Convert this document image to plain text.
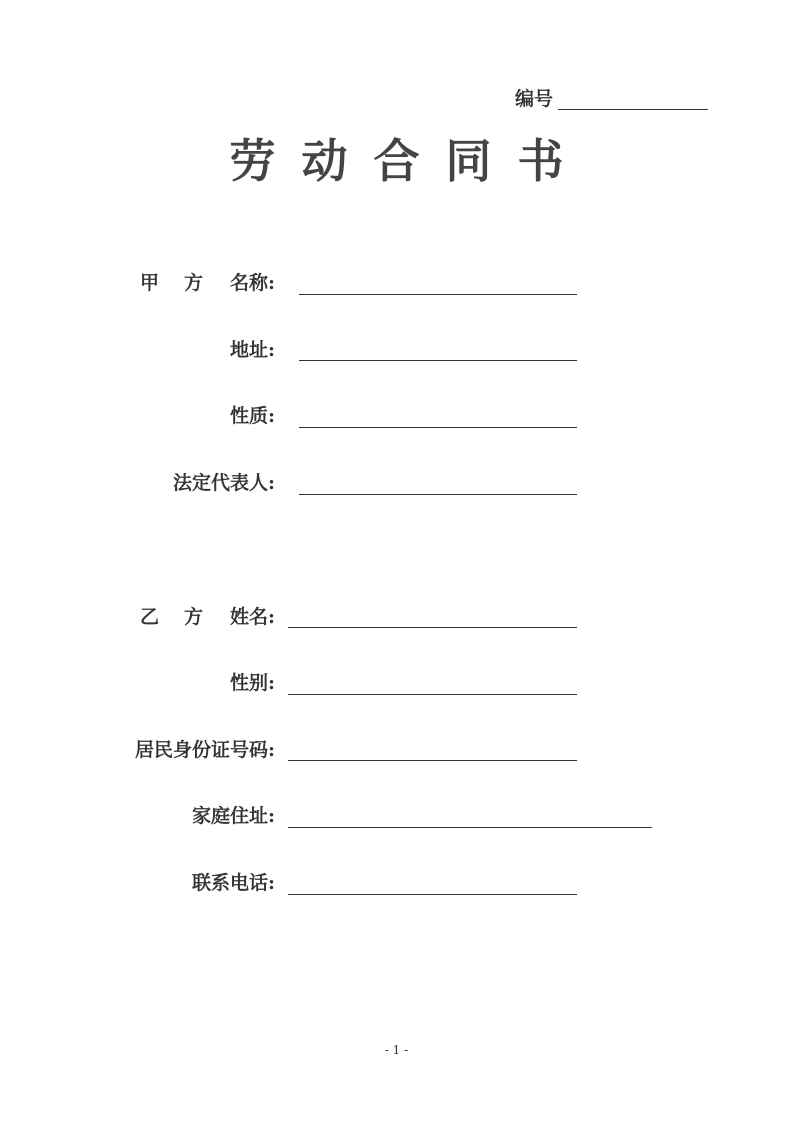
编号
劳动合同书
甲 方 名称:
地址:
性质:
法定代表人:
乙 方 姓名:
性别:
居民身份证号码:
家庭住址:
联系电话:
- 1 -
